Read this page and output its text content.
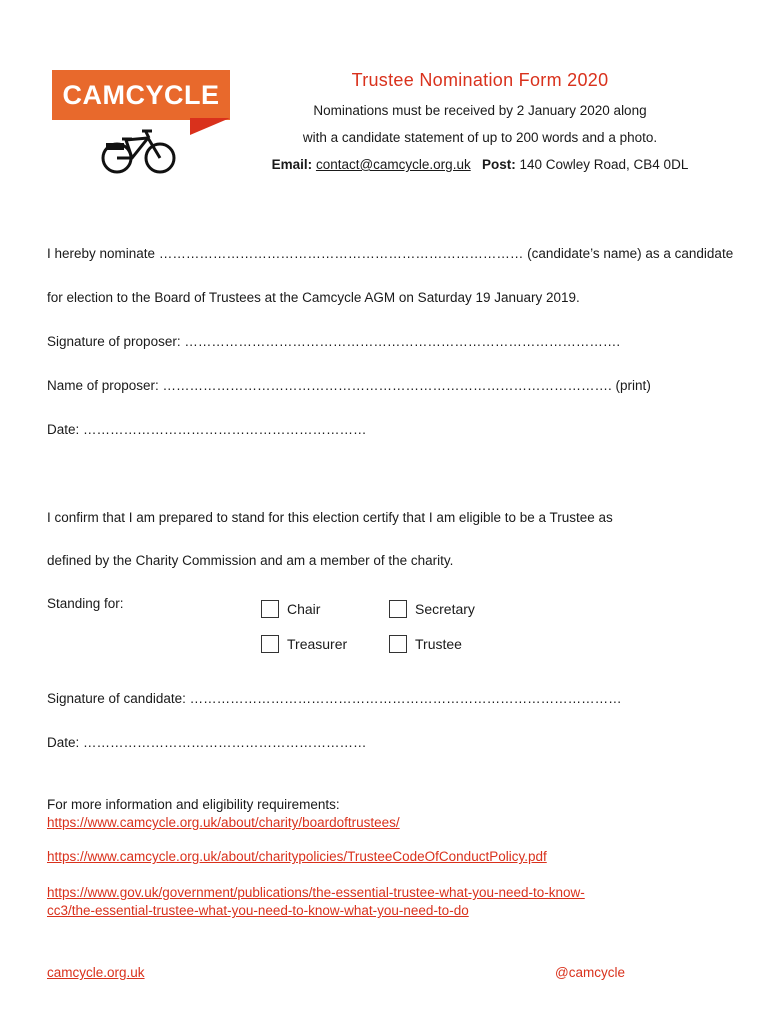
CAMCYCLE	Trustee Nomination Form 2020
Nominations must be received by 2 January 2020 along
with a candidate statement of up to 200 words and a photo.
Email: contact@camcycle.org.uk Post: 140 Cowley Road, CB4 0DL
I hereby nominate ……………………………………………………………………… (candidate’s name) as a candidate
for election to the Board of Trustees at the Camcycle AGM on Saturday 19 January 2019.
Signature of proposer: …………………………………………………………………………………….
Name of proposer: ………………………………………………………………………………………. (print)
Date: ………………………………………………………
I confirm that I am prepared to stand for this election certify that I am eligible to be a Trustee as
defined by the Charity Commission and am a member of the charity.
Standing for:	Chair	Secretary
Treasurer	Trustee
Signature of candidate: ……………………………………………………………………………………
Date: ………………………………………………………
For more information and eligibility requirements:
https://www.camcycle.org.uk/about/charity/boardoftrustees/
https://www.camcycle.org.uk/about/charitypolicies/TrusteeCodeOfConductPolicy.pdf
https://www.gov.uk/government/publications/the-essential-trustee-what-you-need-to-know-
cc3/the-essential-trustee-what-you-need-to-know-what-you-need-to-do
camcycle.org.uk	@camcycle
